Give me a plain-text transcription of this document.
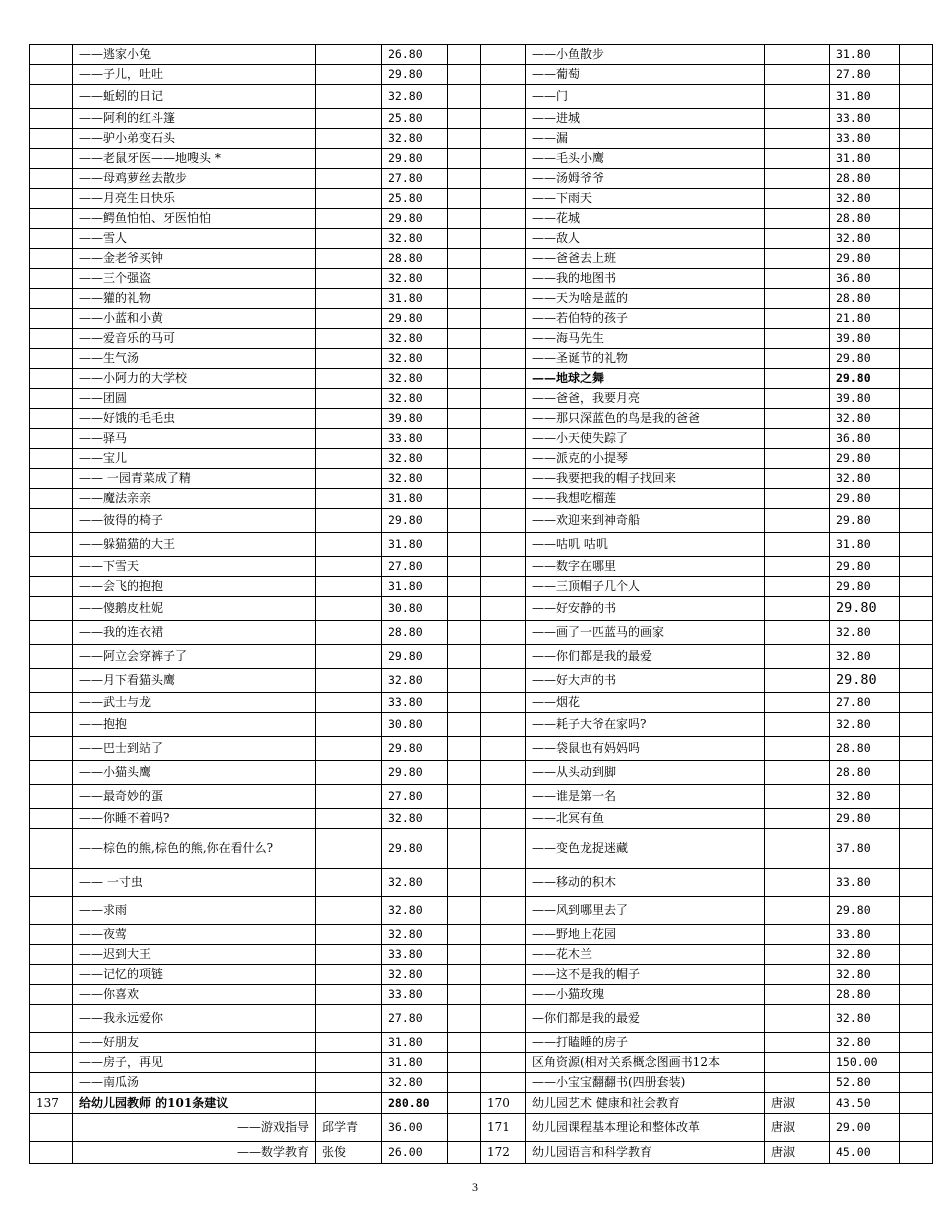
	——逃家小兔		26.80			——小鱼散步		31.80	
	——子儿，吐吐		29.80			——葡萄		27.80	
	——蚯蚓的日记		32.80			——门		31.80	
	——阿利的红斗篷		25.80			——进城		33.80	
	——驴小弟变石头		32.80			——漏		33.80	
	——老鼠牙医——地嗖头 *		29.80			——毛头小鹰		31.80	
	——母鸡萝丝去散步		27.80			——汤姆爷爷		28.80	
	——月亮生日快乐		25.80			——下雨天		32.80	
	——鳄鱼怕怕、牙医怕怕		29.80			——花城		28.80	
	——雪人		32.80			——敌人		32.80	
	——金老爷买钟		28.80			——爸爸去上班		29.80	
	——三个强盗		32.80			——我的地图书		36.80	
	——獾的礼物		31.80			——天为啥是蓝的		28.80	
	——小蓝和小黄		29.80			——若伯特的孩子		21.80	
	——爱音乐的马可		32.80			——海马先生		39.80	
	——生气汤		32.80			——圣诞节的礼物		29.80	
	——小阿力的大学校		32.80			——地球之舞		29.80	
	——团圆		32.80			——爸爸，我要月亮		39.80	
	——好饿的毛毛虫		39.80			——那只深蓝色的鸟是我的爸爸		32.80	
	——驿马		33.80			——小天使失踪了		36.80	
	——宝儿		32.80			——派克的小提琴		29.80	
	—— 一园青菜成了精		32.80			——我要把我的帽子找回来		32.80	
	——魔法亲亲		31.80			——我想吃榴莲		29.80	
	——彼得的椅子		29.80			——欢迎来到神奇船		29.80	
	——躲猫猫的大王		31.80			——咕叽 咕叽		31.80	
	——下雪天		27.80			——数字在哪里		29.80	
	——会飞的抱抱		31.80			——三顶帽子几个人		29.80	
	——傻鹅皮杜妮		30.80			——好安静的书		29.80	
	——我的连衣裙		28.80			——画了一匹蓝马的画家		32.80	
	——阿立会穿裤子了		29.80			——你们都是我的最爱		32.80	
	——月下看猫头鹰		32.80			——好大声的书		29.80	
	——武士与龙		33.80			——烟花		27.80	
	——抱抱		30.80			——耗子大爷在家吗?		32.80	
	——巴士到站了		29.80			——袋鼠也有妈妈吗		28.80	
	——小猫头鹰		29.80			——从头动到脚		28.80	
	——最奇妙的蛋		27.80			——谁是第一名		32.80	
	——你睡不着吗?		32.80			——北冥有鱼		29.80	
	——棕色的熊,棕色的熊,你在看什么?		29.80			——变色龙捉迷藏		37.80	
	—— 一寸虫		32.80			——移动的积木		33.80	
	——求雨		32.80			——风到哪里去了		29.80	
	——夜莺		32.80			——野地上花园		33.80	
	——迟到大王		33.80			——花木兰		32.80	
	——记忆的项链		32.80			——这不是我的帽子		32.80	
	——你喜欢		33.80			——小猫玫瑰		28.80	
	——我永远爱你		27.80			—你们都是我的最爱		32.80	
	——好朋友		31.80			——打瞌睡的房子		32.80	
	——房子，再见		31.80			区角资源(相对关系概念图画书12本		150.00	
	——南瓜汤		32.80			——小宝宝翻翻书(四册套装)		52.80	
137	给幼儿园教师 的101条建议		280.80		170	幼儿园艺术 健康和社会教育	唐淑	43.50	
	——游戏指导	邱学青	36.00		171	幼儿园课程基本理论和整体改革	唐淑	29.00	
	——数学教育	张俊	26.00		172	幼儿园语言和科学教育	唐淑	45.00	
3
